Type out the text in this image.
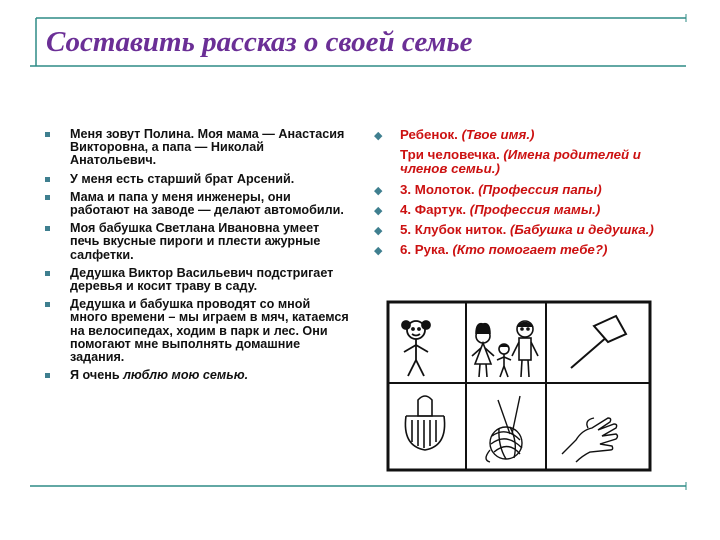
Составить рассказ о своей семье
Меня зовут Полина. Моя мама — Анастасия Викторовна, а папа — Николай Анатольевич.
У меня есть старший брат Арсений.
Мама и папа у меня инженеры, они работают на заводе — делают автомобили.
Моя бабушка Светлана Ивановна умеет печь вкусные пироги и плести ажурные салфетки.
Дедушка Виктор Васильевич подстригает деревья и косит траву в саду.
Дедушка и бабушка проводят со мной много времени – мы играем в мяч, катаемся на велосипедах, ходим в парк и лес. Они помогают мне выполнять домашние задания.
Я очень люблю мою семью.
◆ Ребенок. (Твое имя.)
Три человечка. (Имена родителей и членов семьи.)
◆ 3. Молоток. (Профессия папы)
◆ 4. Фартук. (Профессия мамы.)
◆ 5. Клубок ниток. (Бабушка и дедушка.)
◆ 6. Рука. (Кто помогает тебе?)
